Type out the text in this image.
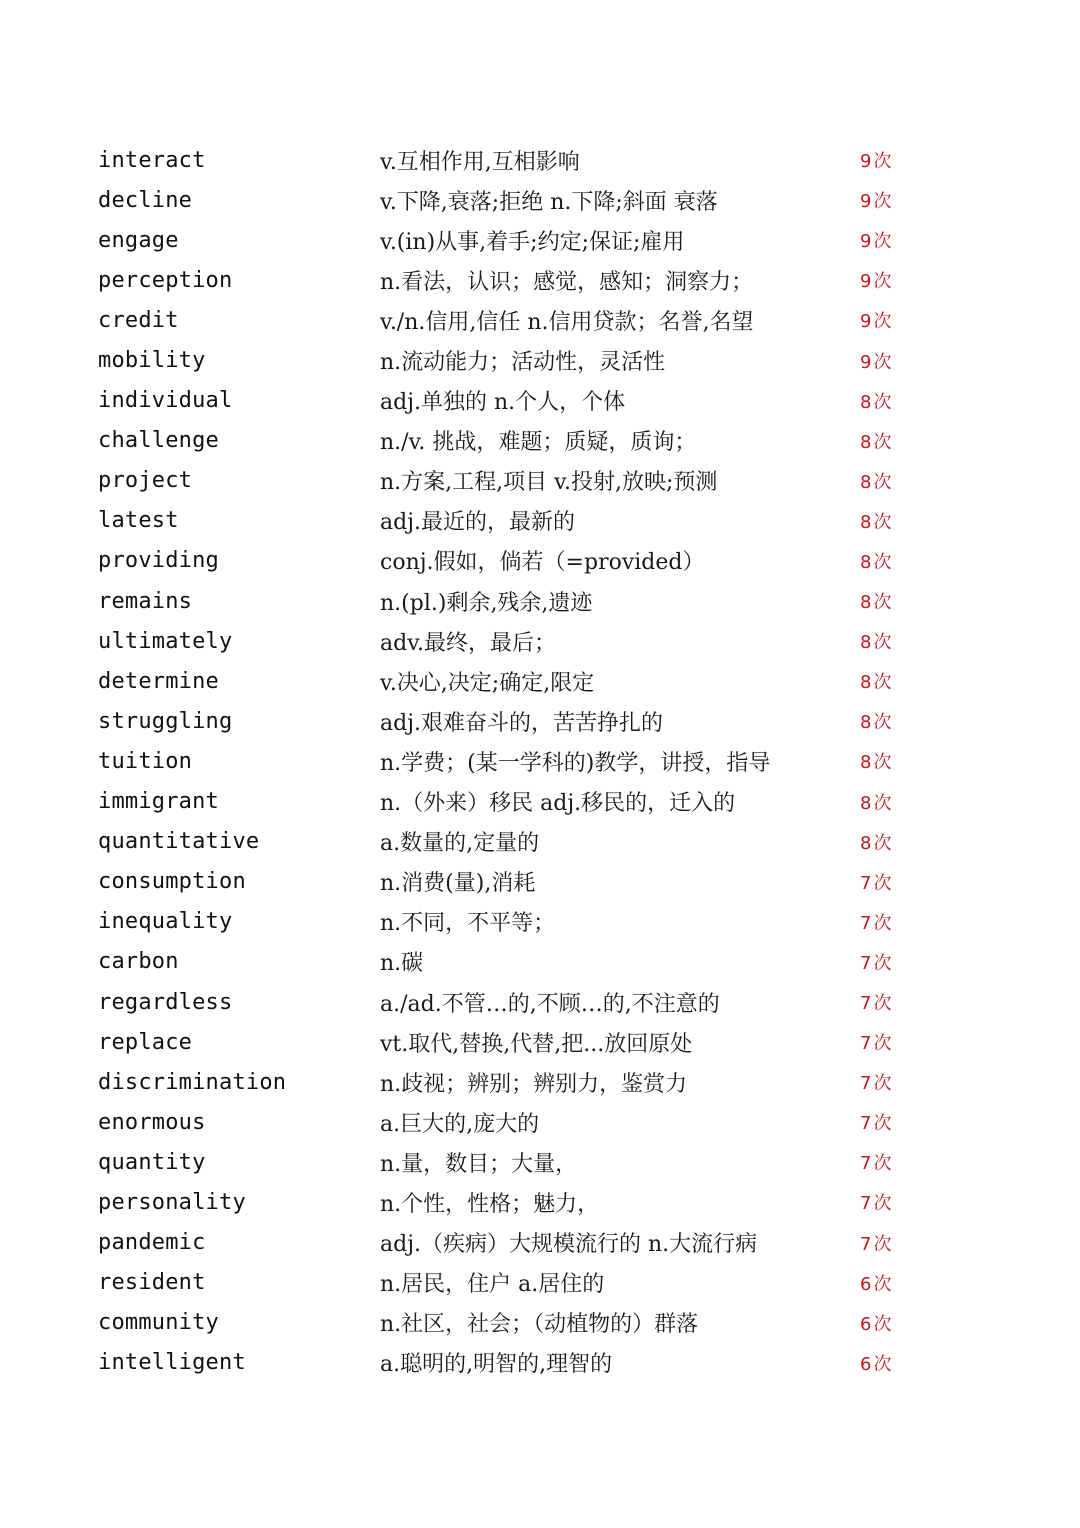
interact	v.互相作用,互相影响	9 次
decline	v.下降,衰落;拒绝 n.下降;斜面 衰落	9 次
engage	v.(in)从事,着手;约定;保证;雇用	9 次
perception	n.看法，认识；感觉，感知；洞察力；	9 次
credit	v./n.信用,信任 n.信用贷款；名誉,名望	9 次
mobility	n.流动能力；活动性，灵活性	9 次
individual	adj.单独的 n.个人，个体	8 次
challenge	n./v. 挑战，难题；质疑，质询；	8 次
project	n.方案,工程,项目 v.投射,放映;预测	8 次
latest	adj.最近的，最新的	8 次
providing	conj.假如，倘若（=provided）	8 次
remains	n.(pl.)剩余,残余,遗迹	8 次
ultimately	adv.最终，最后；	8 次
determine	v.决心,决定;确定,限定	8 次
struggling	adj.艰难奋斗的，苦苦挣扎的	8 次
tuition	n.学费；(某一学科的)教学，讲授，指导	8 次
immigrant	n.（外来）移民 adj.移民的，迁入的	8 次
quantitative	a.数量的,定量的	8 次
consumption	n.消费(量),消耗	7 次
inequality	n.不同，不平等；	7 次
carbon	n.碳	7 次
regardless	a./ad.不管…的,不顾…的,不注意的	7 次
replace	vt.取代,替换,代替,把...放回原处	7 次
discrimination	n.歧视；辨别；辨别力，鉴赏力	7 次
enormous	a.巨大的,庞大的	7 次
quantity	n.量，数目；大量，	7 次
personality	n.个性，性格；魅力，	7 次
pandemic	adj.（疾病）大规模流行的 n.大流行病	7 次
resident	n.居民，住户 a.居住的	6 次
community	n.社区，社会；（动植物的）群落	6 次
intelligent	a.聪明的,明智的,理智的	6 次
